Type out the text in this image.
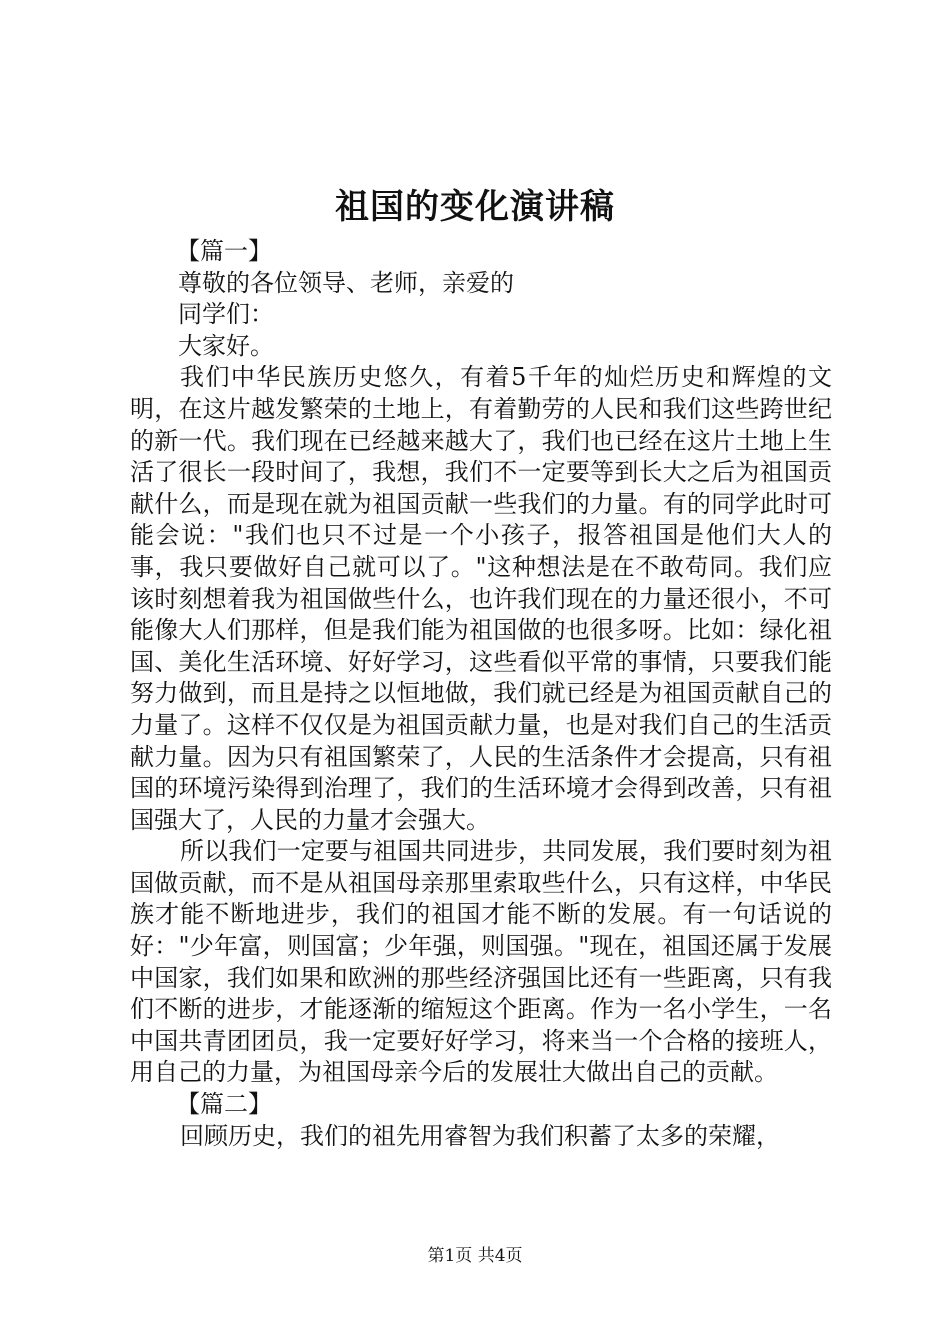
祖国的变化演讲稿

【篇一】

尊敬的各位领导、老师，亲爱的

同学们：

大家好。

我们中华民族历史悠久，有着5千年的灿烂历史和辉煌的文明，在这片越发繁荣的土地上，有着勤劳的人民和我们这些跨世纪的新一代。我们现在已经越来越大了，我们也已经在这片土地上生活了很长一段时间了，我想，我们不一定要等到长大之后为祖国贡献什么，而是现在就为祖国贡献一些我们的力量。有的同学此时可能会说："我们也只不过是一个小孩子，报答祖国是他们大人的事，我只要做好自己就可以了。"这种想法是在不敢苟同。我们应该时刻想着我为祖国做些什么，也许我们现在的力量还很小，不可能像大人们那样，但是我们能为祖国做的也很多呀。比如：绿化祖国、美化生活环境、好好学习，这些看似平常的事情，只要我们能努力做到，而且是持之以恒地做，我们就已经是为祖国贡献自己的力量了。这样不仅仅是为祖国贡献力量，也是对我们自己的生活贡献力量。因为只有祖国繁荣了，人民的生活条件才会提高，只有祖国的环境污染得到治理了，我们的生活环境才会得到改善，只有祖国强大了，人民的力量才会强大。

所以我们一定要与祖国共同进步，共同发展，我们要时刻为祖国做贡献，而不是从祖国母亲那里索取些什么，只有这样，中华民族才能不断地进步，我们的祖国才能不断的发展。有一句话说的好："少年富，则国富；少年强，则国强。"现在，祖国还属于发展中国家，我们如果和欧洲的那些经济强国比还有一些距离，只有我们不断的进步，才能逐渐的缩短这个距离。作为一名小学生，一名中国共青团团员，我一定要好好学习，将来当一个合格的接班人，用自己的力量，为祖国母亲今后的发展壮大做出自己的贡献。

【篇二】

回顾历史，我们的祖先用睿智为我们积蓄了太多的荣耀，

第1页 共4页
